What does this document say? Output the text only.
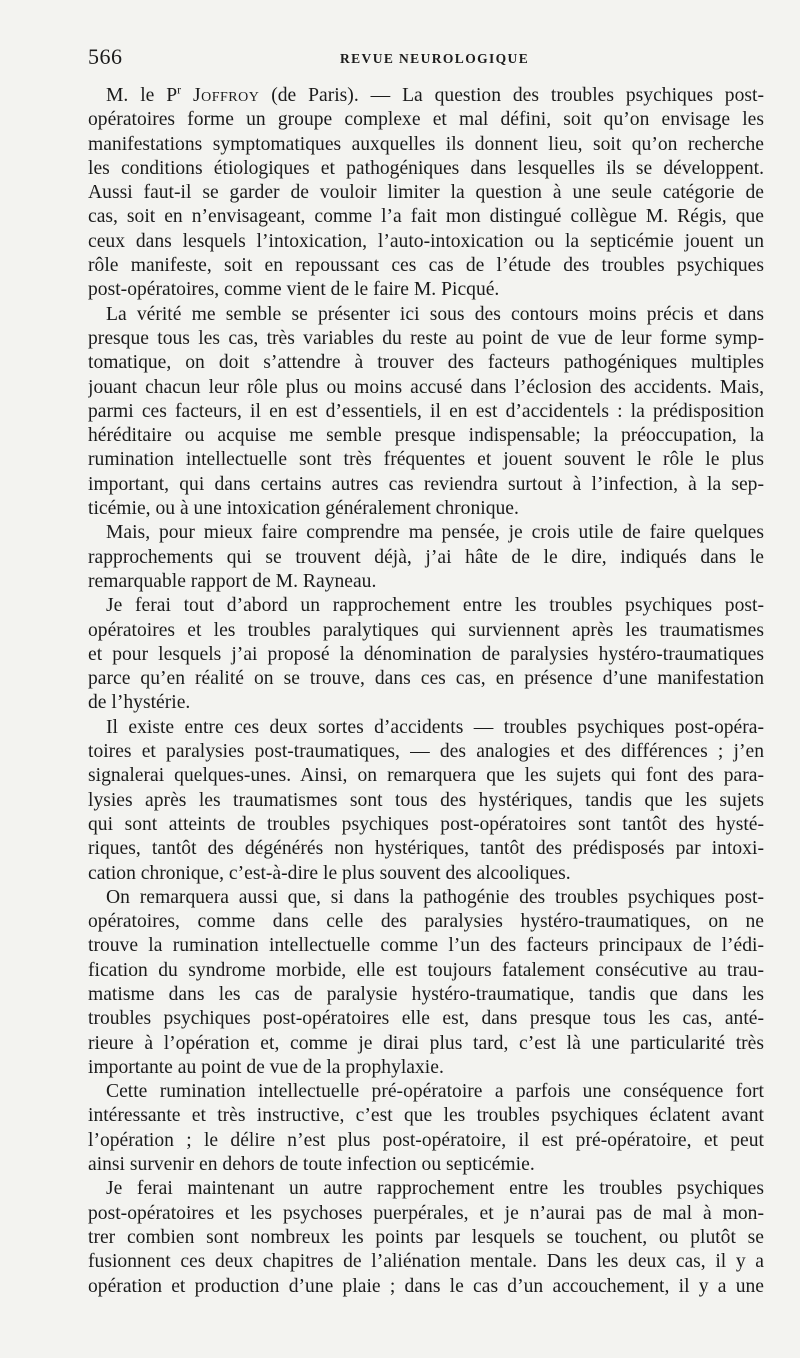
566	REVUE NEUROLOGIQUE
M. le $P^r$ Joffroy (de Paris). — La question des troubles psychiques post-
opératoires forme un groupe complexe et mal défini, soit qu’on envisage les
manifestations symptomatiques auxquelles ils donnent lieu, soit qu’on recherche
les conditions étiologiques et pathogéniques dans lesquelles ils se développent.
Aussi faut-il se garder de vouloir limiter la question à une seule catégorie de
cas, soit en n’envisageant, comme l’a fait mon distingué collègue M. Régis, que
ceux dans lesquels l’intoxication, l’auto-intoxication ou la septicémie jouent un
rôle manifeste, soit en repoussant ces cas de l’étude des troubles psychiques
post-opératoires, comme vient de le faire M. Picqué.
La vérité me semble se présenter ici sous des contours moins précis et dans
presque tous les cas, très variables du reste au point de vue de leur forme symp-
tomatique, on doit s’attendre à trouver des facteurs pathogéniques multiples
jouant chacun leur rôle plus ou moins accusé dans l’éclosion des accidents. Mais,
parmi ces facteurs, il en est d’essentiels, il en est d’accidentels : la prédisposition
héréditaire ou acquise me semble presque indispensable; la préoccupation, la
rumination intellectuelle sont très fréquentes et jouent souvent le rôle le plus
important, qui dans certains autres cas reviendra surtout à l’infection, à la sep-
ticémie, ou à une intoxication généralement chronique.
Mais, pour mieux faire comprendre ma pensée, je crois utile de faire quelques
rapprochements qui se trouvent déjà, j’ai hâte de le dire, indiqués dans le
remarquable rapport de M. Rayneau.
Je ferai tout d’abord un rapprochement entre les troubles psychiques post-
opératoires et les troubles paralytiques qui surviennent après les traumatismes
et pour lesquels j’ai proposé la dénomination de paralysies hystéro-traumatiques
parce qu’en réalité on se trouve, dans ces cas, en présence d’une manifestation
de l’hystérie.
Il existe entre ces deux sortes d’accidents — troubles psychiques post-opéra-
toires et paralysies post-traumatiques, — des analogies et des différences ; j’en
signalerai quelques-unes. Ainsi, on remarquera que les sujets qui font des para-
lysies après les traumatismes sont tous des hystériques, tandis que les sujets
qui sont atteints de troubles psychiques post-opératoires sont tantôt des hysté-
riques, tantôt des dégénérés non hystériques, tantôt des prédisposés par intoxi-
cation chronique, c’est-à-dire le plus souvent des alcooliques.
On remarquera aussi que, si dans la pathogénie des troubles psychiques post-
opératoires, comme dans celle des paralysies hystéro-traumatiques, on ne
trouve la rumination intellectuelle comme l’un des facteurs principaux de l’édi-
fication du syndrome morbide, elle est toujours fatalement consécutive au trau-
matisme dans les cas de paralysie hystéro-traumatique, tandis que dans les
troubles psychiques post-opératoires elle est, dans presque tous les cas, anté-
rieure à l’opération et, comme je dirai plus tard, c’est là une particularité très
importante au point de vue de la prophylaxie.
Cette rumination intellectuelle pré-opératoire a parfois une conséquence fort
intéressante et très instructive, c’est que les troubles psychiques éclatent avant
l’opération ; le délire n’est plus post-opératoire, il est pré-opératoire, et peut
ainsi survenir en dehors de toute infection ou septicémie.
Je ferai maintenant un autre rapprochement entre les troubles psychiques
post-opératoires et les psychoses puerpérales, et je n’aurai pas de mal à mon-
trer combien sont nombreux les points par lesquels se touchent, ou plutôt se
fusionnent ces deux chapitres de l’aliénation mentale. Dans les deux cas, il y a
opération et production d’une plaie ; dans le cas d’un accouchement, il y a une
